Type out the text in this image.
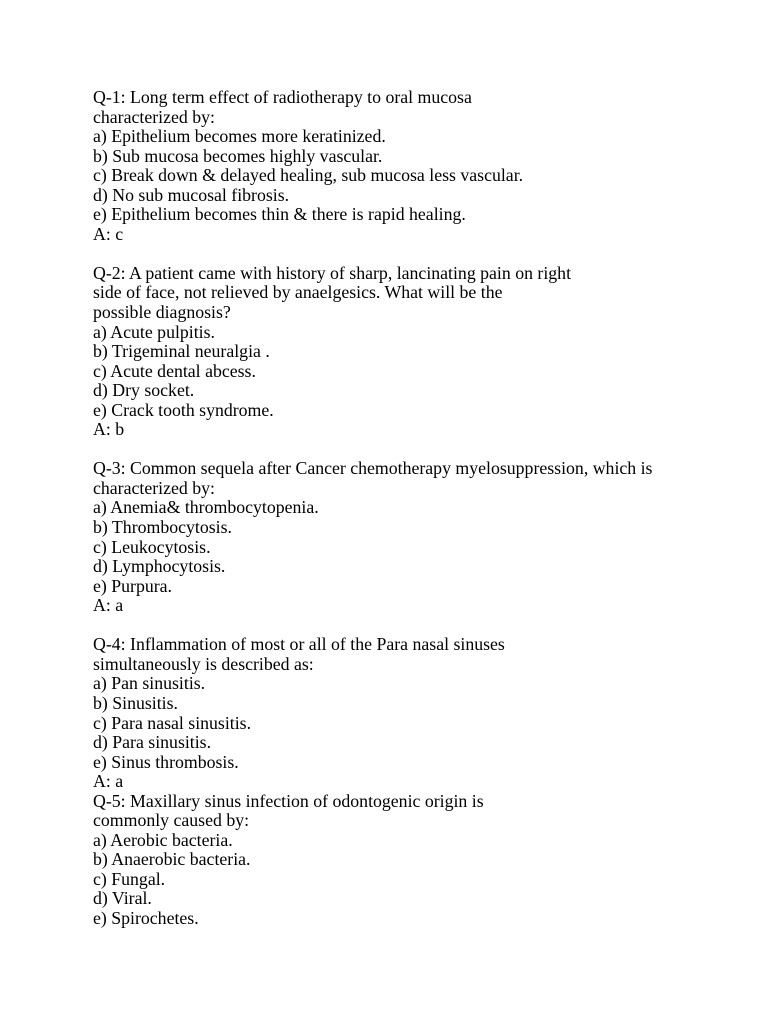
Q-1: Long term effect of radiotherapy to oral mucosa
characterized by:
a) Epithelium becomes more keratinized.
b) Sub mucosa becomes highly vascular.
c) Break down & delayed healing, sub mucosa less vascular.
d) No sub mucosal fibrosis.
e) Epithelium becomes thin & there is rapid healing.
A: c
Q-2: A patient came with history of sharp, lancinating pain on right
side of face, not relieved by anaelgesics. What will be the
possible diagnosis?
a) Acute pulpitis.
b) Trigeminal neuralgia .
c) Acute dental abcess.
d) Dry socket.
e) Crack tooth syndrome.
A: b
Q-3: Common sequela after Cancer chemotherapy myelosuppression, which is
characterized by:
a) Anemia& thrombocytopenia.
b) Thrombocytosis.
c) Leukocytosis.
d) Lymphocytosis.
e) Purpura.
A: a
Q-4: Inflammation of most or all of the Para nasal sinuses
simultaneously is described as:
a) Pan sinusitis.
b) Sinusitis.
c) Para nasal sinusitis.
d) Para sinusitis.
e) Sinus thrombosis.
A: a
Q-5: Maxillary sinus infection of odontogenic origin is
commonly caused by:
a) Aerobic bacteria.
b) Anaerobic bacteria.
c) Fungal.
d) Viral.
e) Spirochetes.
